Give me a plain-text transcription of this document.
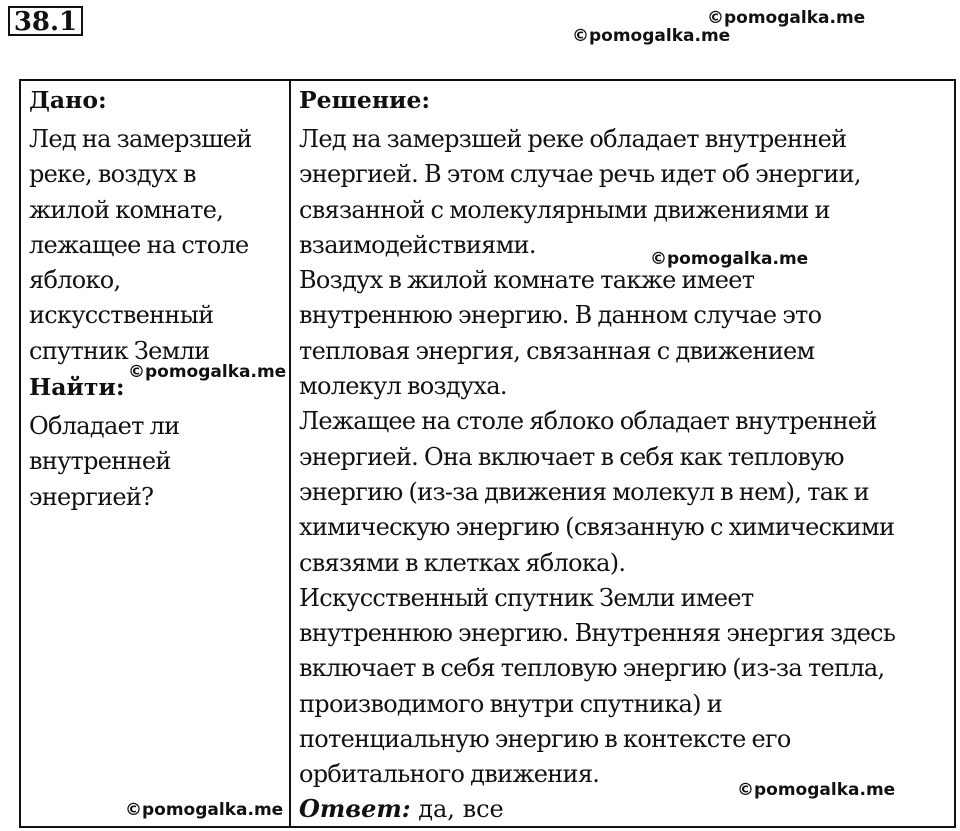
38.1	©pomogalka.me
©pomogalka.me

Дано:

Лед на замерзшей
реке, воздух в
жилой комнате,
лежащее на столе
яблоко,
искусственный
спутник Земли

Найти:

Обладает ли
внутренней
энергией?

Решение:

Лед на замерзшей реке обладает внутренней
энергией. В этом случае речь идет об энергии,
связанной с молекулярными движениями и
взаимодействиями.
Воздух в жилой комнате также имеет
внутреннюю энергию. В данном случае это
тепловая энергия, связанная с движением
молекул воздуха.
Лежащее на столе яблоко обладает внутренней
энергией. Она включает в себя как тепловую
энергию (из-за движения молекул в нем), так и
химическую энергию (связанную с химическими
связями в клетках яблока).
Искусственный спутник Земли имеет
внутреннюю энергию. Внутренняя энергия здесь
включает в себя тепловую энергию (из-за тепла,
производимого внутри спутника) и
потенциальную энергию в контексте его
орбитального движения.

Ответ: да, все

©pomogalka.me
©pomogalka.me
©pomogalka.me
©pomogalka.me
